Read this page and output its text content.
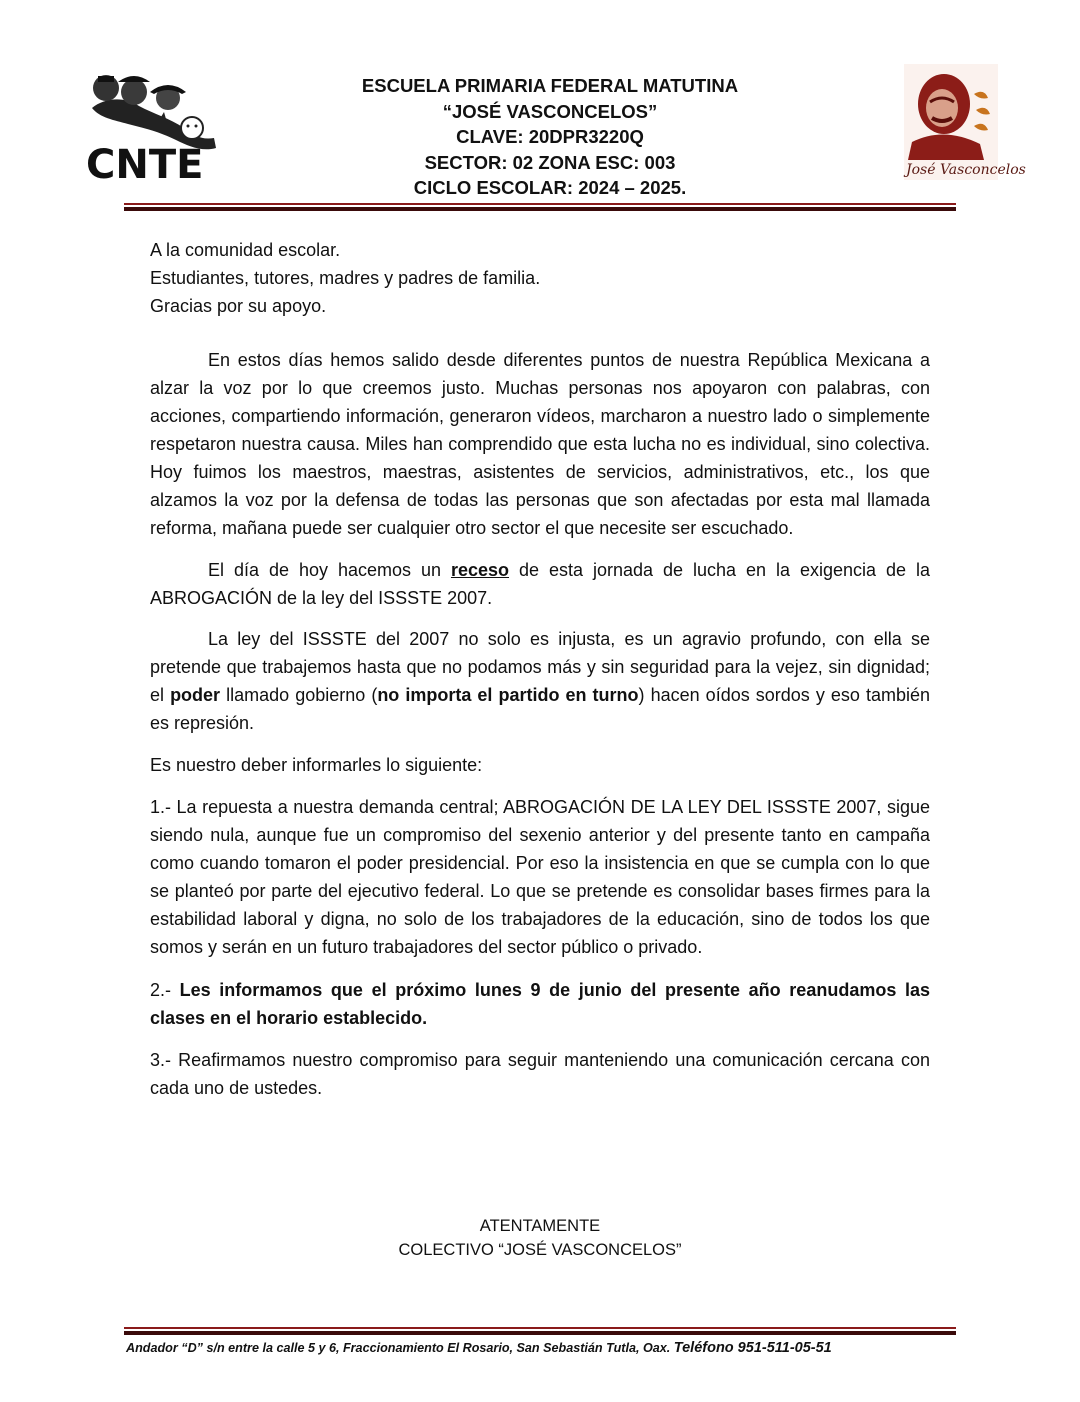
CNTE
ESCUELA PRIMARIA FEDERAL MATUTINA
“JOSÉ VASCONCELOS”
CLAVE: 20DPR3220Q
SECTOR: 02 ZONA ESC: 003
CICLO ESCOLAR: 2024 – 2025.
José Vasconcelos

A la comunidad escolar.

Estudiantes, tutores, madres y padres de familia.

Gracias por su apoyo.

En estos días hemos salido desde diferentes puntos de nuestra República Mexicana a alzar la voz por lo que creemos justo. Muchas personas nos apoyaron con palabras, con acciones, compartiendo información, generaron vídeos, marcharon a nuestro lado o simplemente respetaron nuestra causa. Miles han comprendido que esta lucha no es individual, sino colectiva. Hoy fuimos los maestros, maestras, asistentes de servicios, administrativos, etc., los que alzamos la voz por la defensa de todas las personas que son afectadas por esta mal llamada reforma, mañana puede ser cualquier otro sector el que necesite ser escuchado.

El día de hoy hacemos un receso de esta jornada de lucha en la exigencia de la ABROGACIÓN de la ley del ISSSTE 2007.

La ley del ISSSTE del 2007 no solo es injusta, es un agravio profundo, con ella se pretende que trabajemos hasta que no podamos más y sin seguridad para la vejez, sin dignidad; el poder llamado gobierno (no importa el partido en turno) hacen oídos sordos y eso también es represión.

Es nuestro deber informarles lo siguiente:

1.- La repuesta a nuestra demanda central; ABROGACIÓN DE LA LEY DEL ISSSTE 2007, sigue siendo nula, aunque fue un compromiso del sexenio anterior y del presente tanto en campaña como cuando tomaron el poder presidencial. Por eso la insistencia en que se cumpla con lo que se planteó por parte del ejecutivo federal. Lo que se pretende es consolidar bases firmes para la estabilidad laboral y digna, no solo de los trabajadores de la educación, sino de todos los que somos y serán en un futuro trabajadores del sector público o privado.

2.- Les informamos que el próximo lunes 9 de junio del presente año reanudamos las clases en el horario establecido.

3.- Reafirmamos nuestro compromiso para seguir manteniendo una comunicación cercana con cada uno de ustedes.

ATENTAMENTE
COLECTIVO “JOSÉ VASCONCELOS”
Andador “D” s/n entre la calle 5 y 6, Fraccionamiento El Rosario, San Sebastián Tutla, Oax. Teléfono 951-511-05-51
